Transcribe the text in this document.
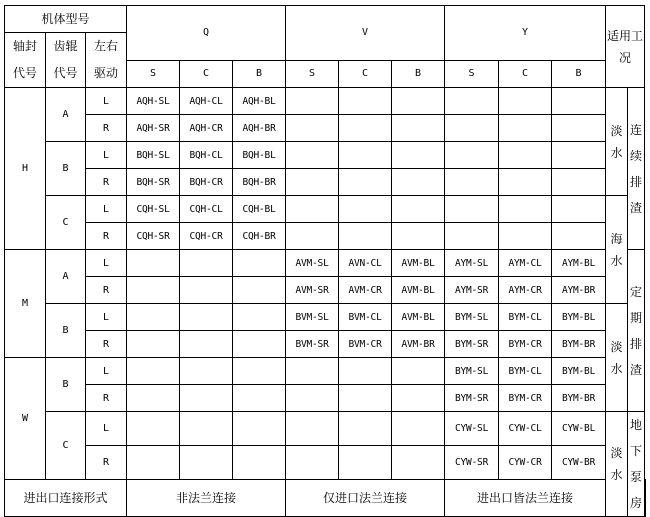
机体型号			Q			V			Y			适用工况		

轴封代号	齿辊代号	左右驱动												

			S	C	B	S	C	B	S	C	B			
H	A	L	AQH-SL	AQH-CL	AQH-BL							淡水	连续排渣	

		R	AQH-SR	AQH-CR	AQH-BR									
	B	L	BQH-SL	BQH-CL	BQH-BL									
		R	BQH-SR	BQH-CR	BQH-BR									
	C	L	CQH-SL	CQH-CL	CQH-BL							海水		

		R	CQH-SR	CQH-CR	CQH-BR									
M	A	L				AVM-SL	AVN-CL	AVM-BL	AYM-SL	AYM-CL	AYM-BL		定期排渣	

		R				AVM-SR	AVM-CR	AVM-BL	AYM-SR	AYM-CR	AYM-BR			
	B	L				BVM-SL	BVM-CL	AVM-BL	BYM-SL	BYM-CL	BYM-BL	淡水		

		R				BVM-SR	BVM-CR	AVM-BR	BYM-SR	BYM-CR	BYM-BR			
W	B	L							BYM-SL	BYM-CL	BYM-BL			
		R							BYM-SR	BYM-CR	BYM-BR			
	C	L							CYW-SL	CYW-CL	CYW-BL	淡水	地下泵房	

		R							CYW-SR	CYW-CR	CYW-BR			
进出口连接形式			非法兰连接			仅进口法兰连接			进出口皆法兰连接					
